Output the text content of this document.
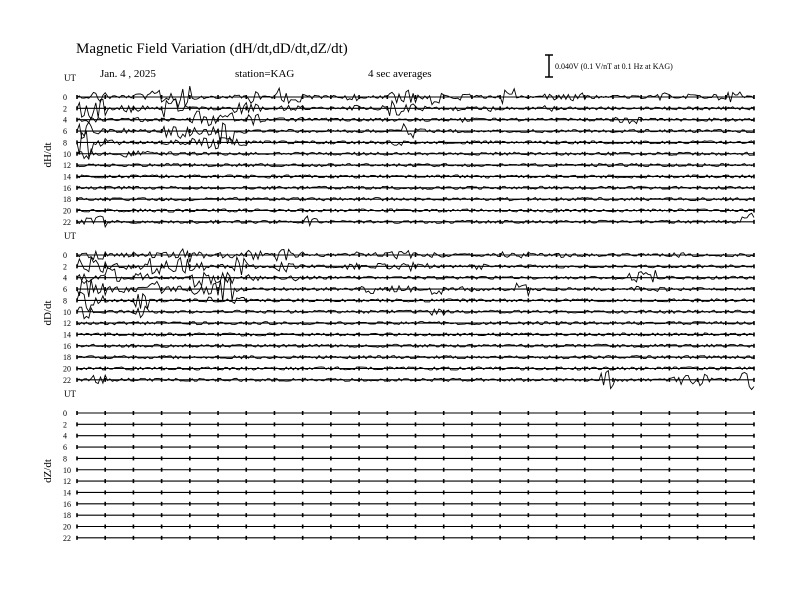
Magnetic Field Variation (dH/dt,dD/dt,dZ/dt)
Jan. 4 , 2025	station=KAG	4 sec averages
0.040V (0.1 V/nT at 0.1 Hz at KAG)
UT
dH/dt
0
2
4
6
8
10
12
14
16
18
20
22
UT
dD/dt
0
2
4
6
8
10
12
14
16
18
20
22
UT
dZ/dt
0
2
4
6
8
10
12
14
16
18
20
22
